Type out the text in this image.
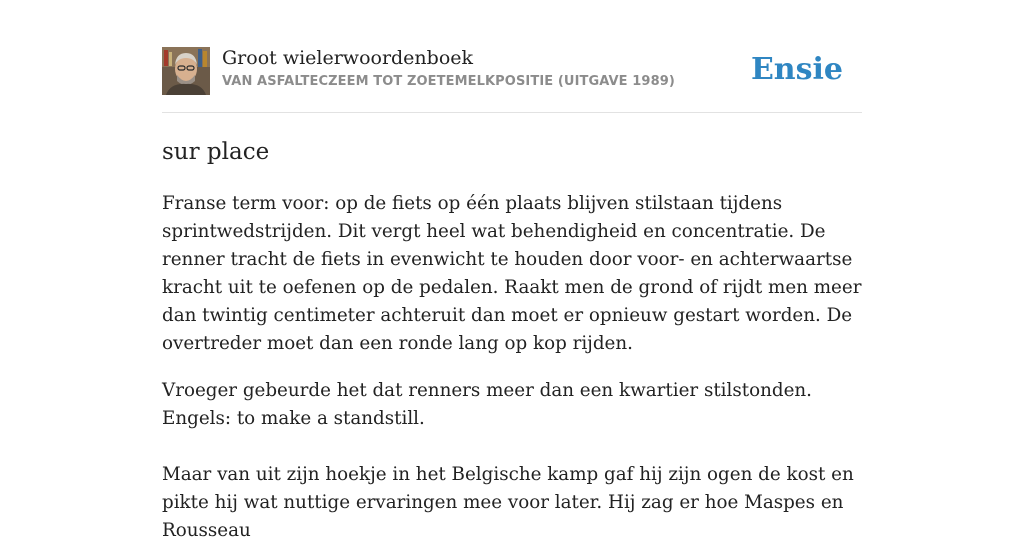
Groot wielerwoordenboek
VAN ASFALTECZEEM TOT ZOETEMELKPOSITIE (UITGAVE 1989)	Ensie
sur place

Franse term voor: op de fiets op één plaats blijven stilstaan tijdens sprintwedstrijden. Dit vergt heel wat behendigheid en concentratie. De renner tracht de fiets in evenwicht te houden door voor- en achterwaartse kracht uit te oefenen op de pedalen. Raakt men de grond of rijdt men meer dan twintig centimeter achteruit dan moet er opnieuw gestart worden. De overtreder moet dan een ronde lang op kop rijden.

Vroeger gebeurde het dat renners meer dan een kwartier stilstonden. Engels: to make a standstill.

Maar van uit zijn hoekje in het Belgische kamp gaf hij zijn ogen de kost en pikte hij wat nuttige ervaringen mee voor later. Hij zag er hoe Maspes en Rousseau
